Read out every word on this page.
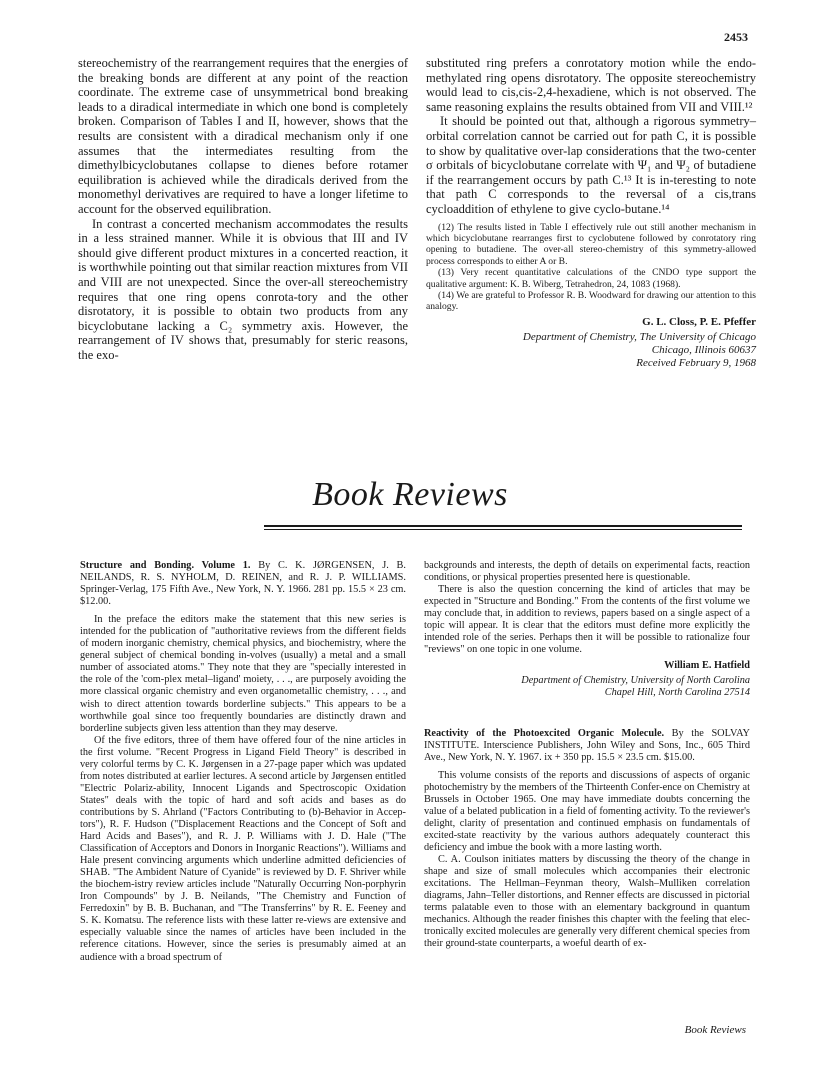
2453

stereochemistry of the rearrangement requires that the energies of the breaking bonds are different at any point of the reaction coordinate. The extreme case of unsymmetrical bond breaking leads to a diradical intermediate in which one bond is completely broken. Comparison of Tables I and II, however, shows that the results are consistent with a diradical mechanism only if one assumes that the intermediates resulting from the dimethylbicyclobutanes collapse to dienes before rotamer equilibration is achieved while the diradicals derived from the monomethyl derivatives are required to have a longer lifetime to account for the observed equilibration.

In contrast a concerted mechanism accommodates the results in a less strained manner. While it is obvious that III and IV should give different product mixtures in a concerted reaction, it is worthwhile pointing out that similar reaction mixtures from VII and VIII are not unexpected. Since the over-all stereochemistry requires that one ring opens conrota-tory and the other disrotatory, it is possible to obtain two products from any bicyclobutane lacking a C₂ symmetry axis. However, the rearrangement of IV shows that, presumably for steric reasons, the exo-

substituted ring prefers a conrotatory motion while the endo-methylated ring opens disrotatory. The opposite stereochemistry would lead to cis,cis-2,4-hexadiene, which is not observed. The same reasoning explains the results obtained from VII and VIII.¹²

It should be pointed out that, although a rigorous symmetry–orbital correlation cannot be carried out for path C, it is possible to show by qualitative over-lap considerations that the two-center σ orbitals of bicyclobutane correlate with Ψ₁ and Ψ₂ of butadiene if the rearrangement occurs by path C.¹³ It is in-teresting to note that path C corresponds to the reversal of a cis,trans cycloaddition of ethylene to give cyclo-butane.¹⁴

(12) The results listed in Table I effectively rule out still another mechanism in which bicyclobutane rearranges first to cyclobutene followed by conrotatory ring opening to butadiene. The over-all stereo-chemistry of this symmetry-allowed process corresponds to either A or B.

(13) Very recent quantitative calculations of the CNDO type support the qualitative argument: K. B. Wiberg, Tetrahedron, 24, 1083 (1968).

(14) We are grateful to Professor R. B. Woodward for drawing our attention to this analogy.

G. L. Closs, P. E. Pfeffer
Department of Chemistry, The University of Chicago
Chicago, Illinois 60637
Received February 9, 1968
Book Reviews

Structure and Bonding. Volume 1. By C. K. JØRGENSEN, J. B. NEILANDS, R. S. NYHOLM, D. REINEN, and R. J. P. WILLIAMS. Springer-Verlag, 175 Fifth Ave., New York, N. Y. 1966. 281 pp. 15.5 × 23 cm. $12.00.

In the preface the editors make the statement that this new series is intended for the publication of "authoritative reviews from the different fields of modern inorganic chemistry, chemical physics, and biochemistry, where the general subject of chemical bonding in-volves (usually) a metal and a small number of associated atoms." They note that they are "specially interested in the role of the 'com-plex metal–ligand' moiety, . . ., are purposely avoiding the more classical organic chemistry and even organometallic chemistry, . . ., and wish to direct attention towards borderline subjects." This appears to be a worthwhile goal since too frequently boundaries are distinctly drawn and borderline subjects given less attention than they may deserve.

Of the five editors, three of them have offered four of the nine articles in the first volume. "Recent Progress in Ligand Field Theory" is described in very colorful terms by C. K. Jørgensen in a 27-page paper which was updated from notes distributed at earlier lectures. A second article by Jørgensen entitled "Electric Polariz-ability, Innocent Ligands and Spectroscopic Oxidation States" deals with the topic of hard and soft acids and bases as do contributions by S. Ahrland ("Factors Contributing to (b)-Behavior in Accep-tors"), R. F. Hudson ("Displacement Reactions and the Concept of Soft and Hard Acids and Bases"), and R. J. P. Williams with J. D. Hale ("The Classification of Acceptors and Donors in Inorganic Reactions"). Williams and Hale present convincing arguments which underline admitted deficiencies of SHAB. "The Ambident Nature of Cyanide" is reviewed by D. F. Shriver while the biochem-istry review articles include "Naturally Occurring Non-porphyrin Iron Compounds" by J. B. Neilands, "The Chemistry and Function of Ferredoxin" by B. B. Buchanan, and "The Transferrins" by R. E. Feeney and S. K. Komatsu. The reference lists with these latter re-views are extensive and especially valuable since the names of articles have been included in the reference citations. However, since the series is presumably aimed at an audience with a broad spectrum of

backgrounds and interests, the depth of details on experimental facts, reaction conditions, or physical properties presented here is questionable.

There is also the question concerning the kind of articles that may be expected in "Structure and Bonding." From the contents of the first volume we may conclude that, in addition to reviews, papers based on a single aspect of a topic will appear. It is clear that the editors must define more explicitly the intended role of the series. Perhaps then it will be possible to rationalize four "reviews" on one topic in one volume.

William E. Hatfield
Department of Chemistry, University of North Carolina
Chapel Hill, North Carolina 27514

Reactivity of the Photoexcited Organic Molecule. By the SOLVAY INSTITUTE. Interscience Publishers, John Wiley and Sons, Inc., 605 Third Ave., New York, N. Y. 1967. ix + 350 pp. 15.5 × 23.5 cm. $15.00.

This volume consists of the reports and discussions of aspects of organic photochemistry by the members of the Thirteenth Confer-ence on Chemistry at Brussels in October 1965. One may have immediate doubts concerning the value of a belated publication in a field of fomenting activity. To the reviewer's delight, clarity of presentation and continued emphasis on fundamentals of excited-state reactivity by the various authors adequately counteract this deficiency and imbue the book with a more lasting worth.

C. A. Coulson initiates matters by discussing the theory of the change in shape and size of small molecules which accompanies their electronic excitations. The Hellman–Feynman theory, Walsh–Mulliken correlation diagrams, Jahn–Teller distortions, and Renner effects are discussed in pictorial terms palatable even to those with an elementary background in quantum mechanics. Although the reader finishes this chapter with the feeling that elec-tronically excited molecules are generally very different chemical species from their ground-state counterparts, a woeful dearth of ex-

Book Reviews
